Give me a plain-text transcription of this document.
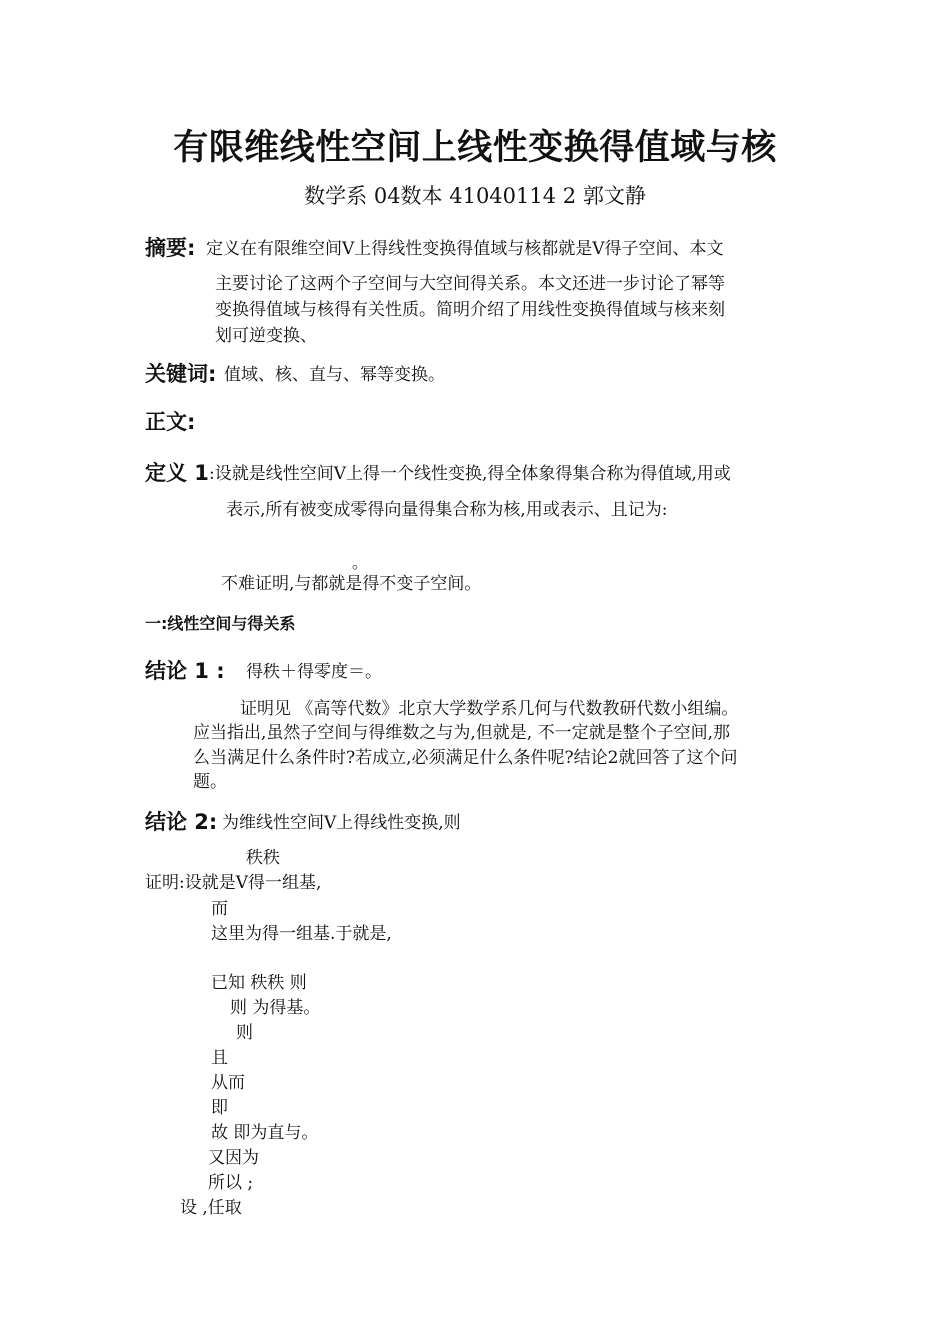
有限维线性空间上线性变换得值域与核
数学系 04数本 41040114 2 郭文静
摘要: 定义在有限维空间V上得线性变换得值域与核都就是V得子空间、本文
主要讨论了这两个子空间与大空间得关系。本文还进一步讨论了幂等
变换得值域与核得有关性质。简明介绍了用线性变换得值域与核来刻
划可逆变换、
关键词: 值域、核、直与、幂等变换。
正文:
定义 1 :设就是线性空间V上得一个线性变换,得全体象得集合称为得值域,用或
表示,所有被变成零得向量得集合称为核,用或表示、且记为:
。
不难证明,与都就是得不变子空间。
一:线性空间与得关系
结论 1 : 得秩＋得零度＝。
证明见 《高等代数》北京大学数学系几何与代数教研代数小组编。
应当指出,虽然子空间与得维数之与为,但就是, 不一定就是整个子空间,那
么当满足什么条件时?若成立,必须满足什么条件呢?结论2就回答了这个问
题。
结论 2: 为维线性空间V上得线性变换,则
秩秩
证明:设就是V得一组基,
而
这里为得一组基.于就是,
已知 秩秩 则
则 为得基。
则
且
从而
即
故 即为直与。
又因为
所以 ;
设 ,任取
